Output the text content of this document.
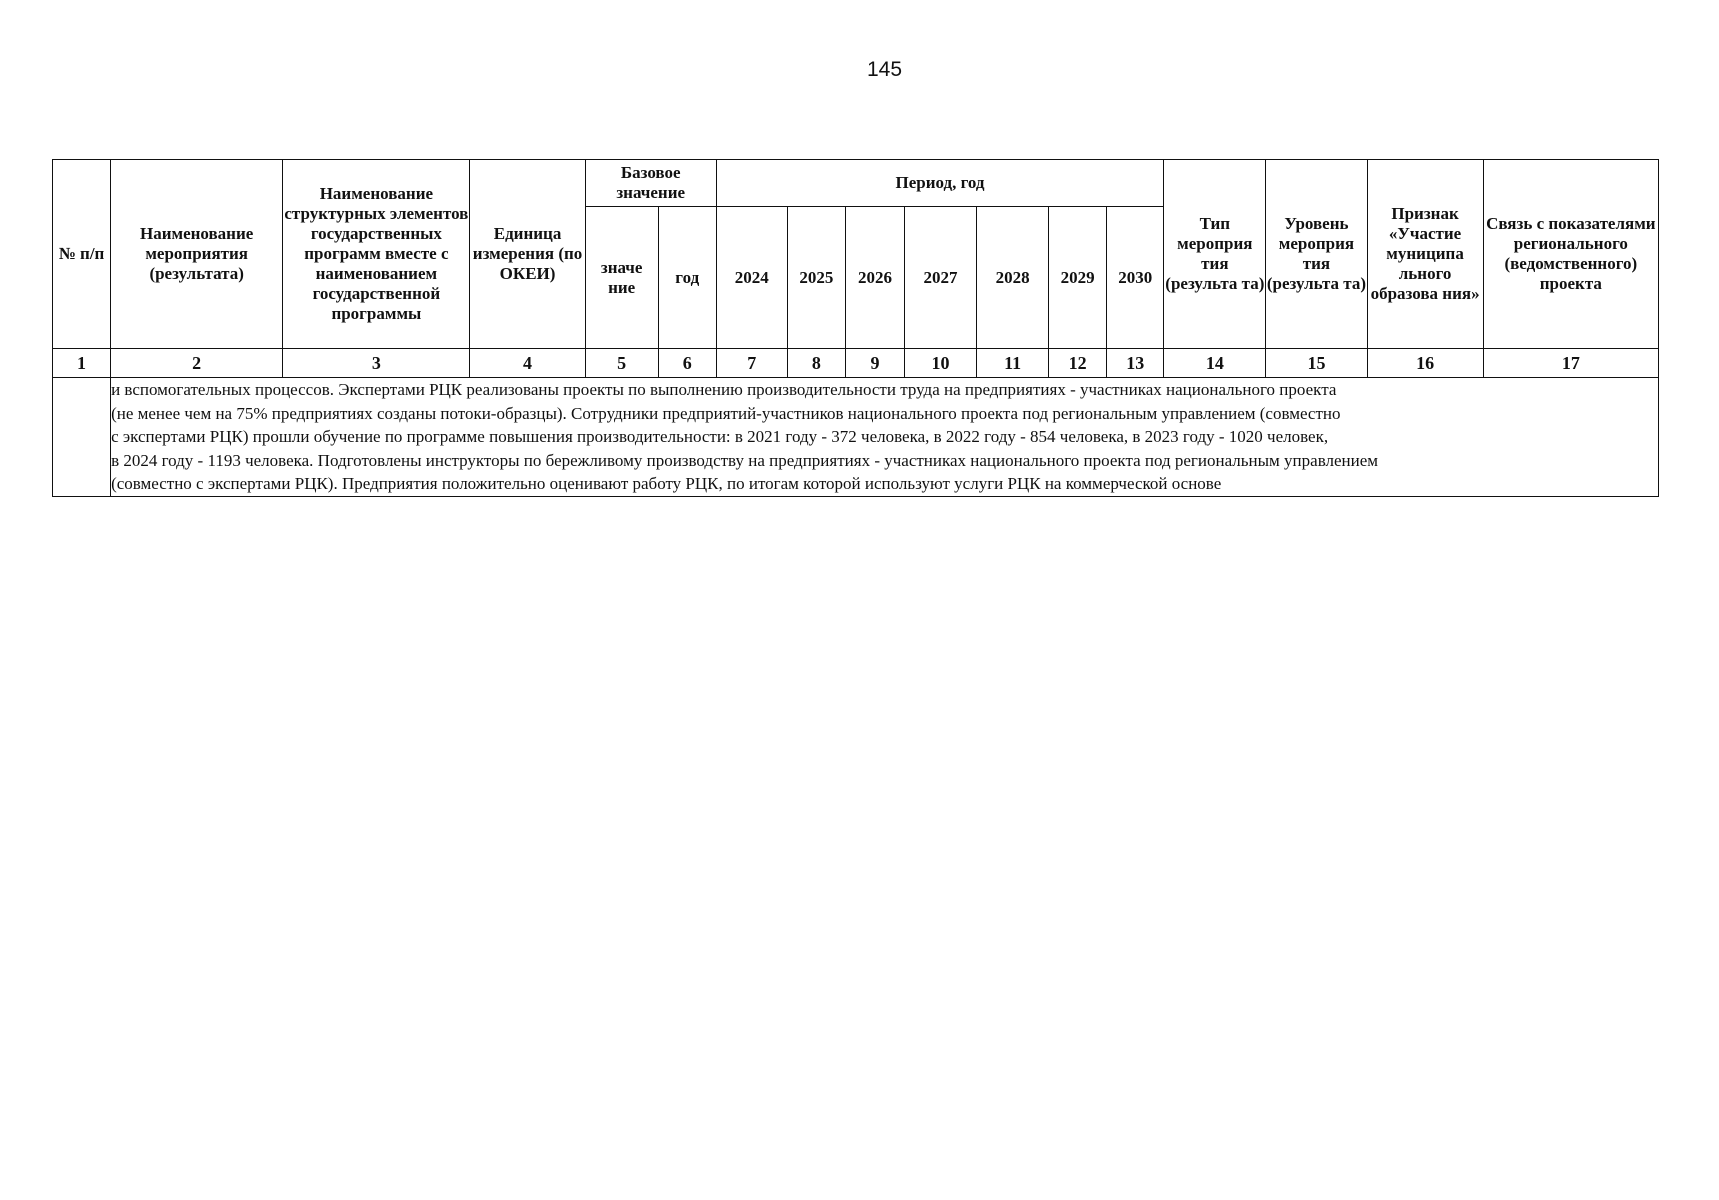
145
№ п/п	Наименование мероприятия (результата)	Наименование структурных элементов государственных программ вместе с наименованием государственной программы	Единица измерения (по ОКЕИ)	Базовое значение		Период, год							Тип мероприя тия (результа та)	Уровень мероприя тия (результа та)	Признак «Участие муниципа льного образова ния»	Связь с показателями регионального (ведомственного) проекта
				значе ние	год	2024	2025	2026	2027	2028	2029	2030				
1	2	3	4	5	6	7	8	9	10	11	12	13	14	15	16	17

	и вспомогательных процессов. Экспертами РЦК реализованы проекты по выполнению производительности труда на предприятиях - участниках национального проекта
(не менее чем на 75% предприятиях созданы потоки-образцы). Сотрудники предприятий-участников национального проекта под региональным управлением (совместно
с экспертами РЦК) прошли обучение по программе повышения производительности: в 2021 году - 372 человека, в 2022 году - 854 человека, в 2023 году - 1020 человек,
в 2024 году - 1193 человека. Подготовлены инструкторы по бережливому производству на предприятиях - участниках национального проекта под региональным управлением
(совместно с экспертами РЦК). Предприятия положительно оценивают работу РЦК, по итогам которой используют услуги РЦК на коммерческой основе															
